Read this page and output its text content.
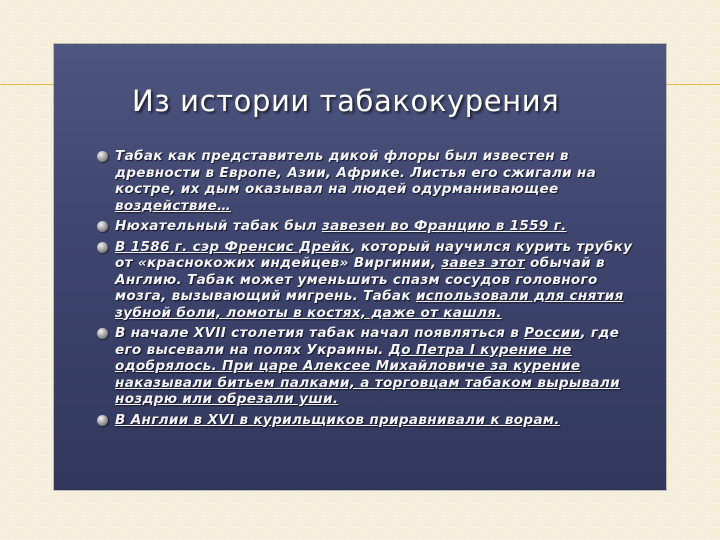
Из истории табакокурения
Табак как представитель дикой флоры был известен в древности в Европе, Азии, Африке. Листья его сжигали на костре, их дым оказывал на людей одурманивающее воздействие…
Нюхательный табак был завезен во Францию в 1559 г.
В 1586 г. сэр Френсис Дрейк, который научился курить трубку от «краснокожих индейцев» Виргинии, завез этот обычай в Англию. Табак может уменьшить спазм сосудов головного мозга, вызывающий мигрень. Табак использовали для снятия зубной боли, ломоты в костях, даже от кашля.
В начале XVII столетия табак начал появляться в России, где его высевали на полях Украины. До Петра I курение не одобрялось. При царе Алексее Михайловиче за курение наказывали битьем палками, а торговцам табаком вырывали ноздрю или обрезали уши.
В Англии в XVI в курильщиков приравнивали к ворам.
